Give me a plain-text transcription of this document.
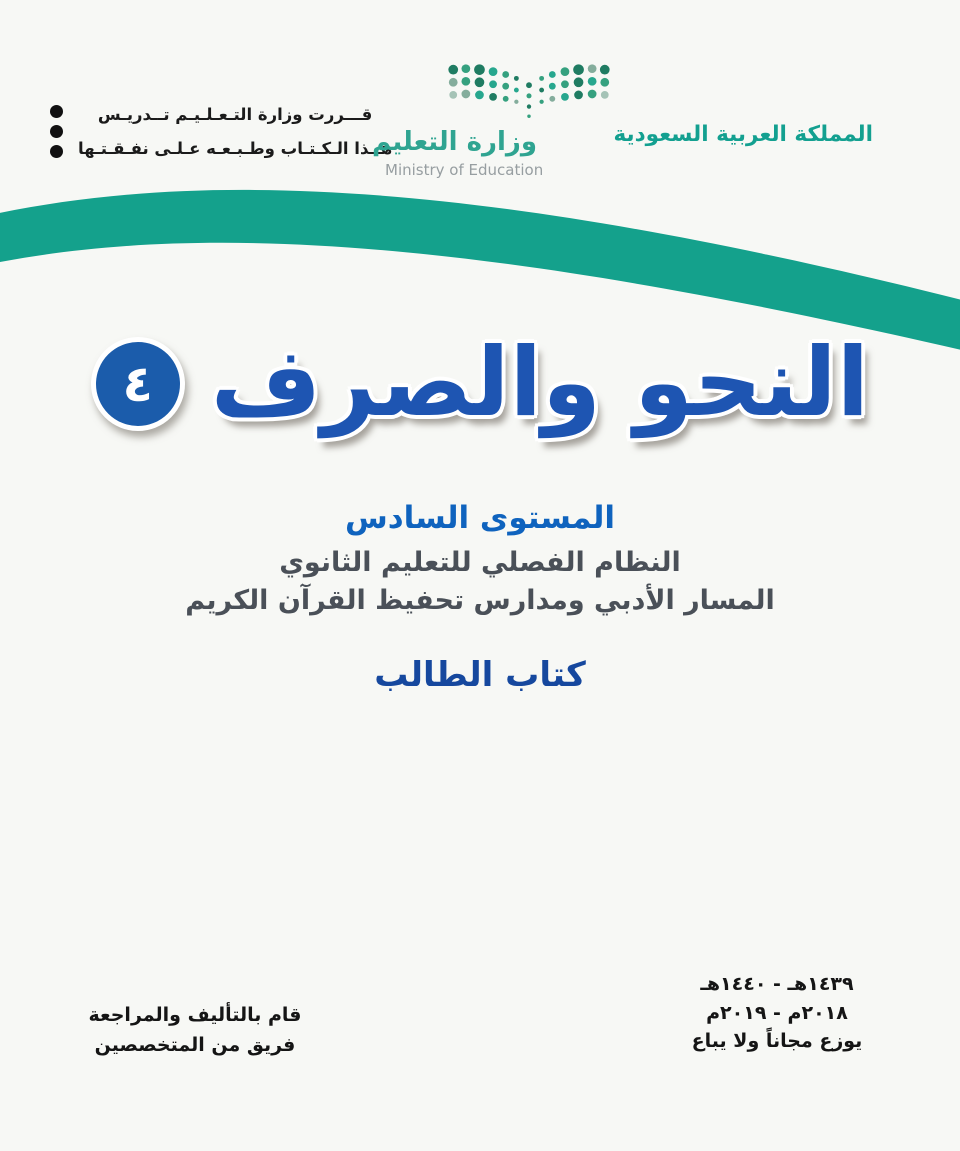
قـــررت وزارة التـعـلـيـم تــدريـس
هــذا الـكـتـاب وطـبـعـه عـلـى نفـقـتـها
وزارة التعليم
Ministry of Education
المملكة العربية السعودية
النحو والصرف
٤
المستوى السادس
النظام الفصلي للتعليم الثانوي
المسار الأدبي ومدارس تحفيظ القرآن الكريم
كتاب الطالب
١٤٣٩هـ - ١٤٤٠هـ
٢٠١٨م - ٢٠١٩م
يوزع مجاناً ولا يباع
قام بالتأليف والمراجعة
فريق من المتخصصين
